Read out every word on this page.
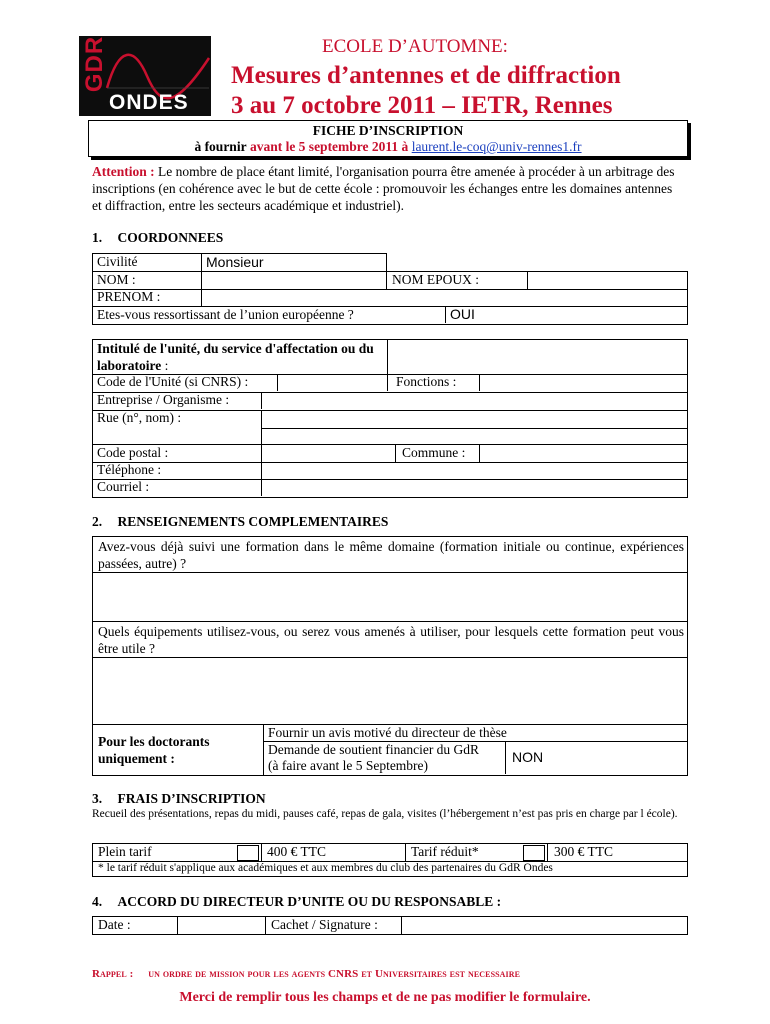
GDR
ONDES
ECOLE D’AUTOMNE:
Mesures d’antennes et de diffraction
3 au 7 octobre 2011 – IETR, Rennes
FICHE D’INSCRIPTION
à fournir avant le 5 septembre 2011 à laurent.le-coq@univ-rennes1.fr
Attention : Le nombre de place étant limité, l'organisation pourra être amenée à procéder à un arbitrage des inscriptions (en cohérence avec le but de cette école : promouvoir les échanges entre les domaines antennes et diffraction, entre les secteurs académique et industriel).
1. COORDONNEES
Civilité	Monsieur
NOM :	NOM EPOUX :
PRENOM :
Etes-vous ressortissant de l’union européenne ?	OUI
Intitulé de l'unité, du service d'affectation ou du laboratoire :
Code de l'Unité (si CNRS) :	Fonctions :
Entreprise / Organisme :
Rue (n°, nom) :
Code postal :	Commune :
Téléphone :
Courriel :
2. RENSEIGNEMENTS COMPLEMENTAIRES
Avez-vous déjà suivi une formation dans le même domaine (formation initiale ou continue, expériences passées, autre) ?
Quels équipements utilisez-vous, ou serez vous amenés à utiliser, pour lesquels cette formation peut vous être utile ?
Pour les doctorants uniquement :
Fournir un avis motivé du directeur de thèse
Demande de soutient financier du GdR (à faire avant le 5 Septembre)
NON
3. FRAIS D’INSCRIPTION
Recueil des présentations, repas du midi, pauses café, repas de gala, visites (l’hébergement n’est pas pris en charge par l école).
Plein tarif	400 € TTC	Tarif réduit*	300 € TTC
* le tarif réduit s'applique aux académiques et aux membres du club des partenaires du GdR Ondes
4. ACCORD DU DIRECTEUR D’UNITE OU DU RESPONSABLE :
Date :	Cachet / Signature :
Rappel : un ordre de mission pour les agents CNRS et Universitaires est necessaire
Merci de remplir tous les champs et de ne pas modifier le formulaire.
